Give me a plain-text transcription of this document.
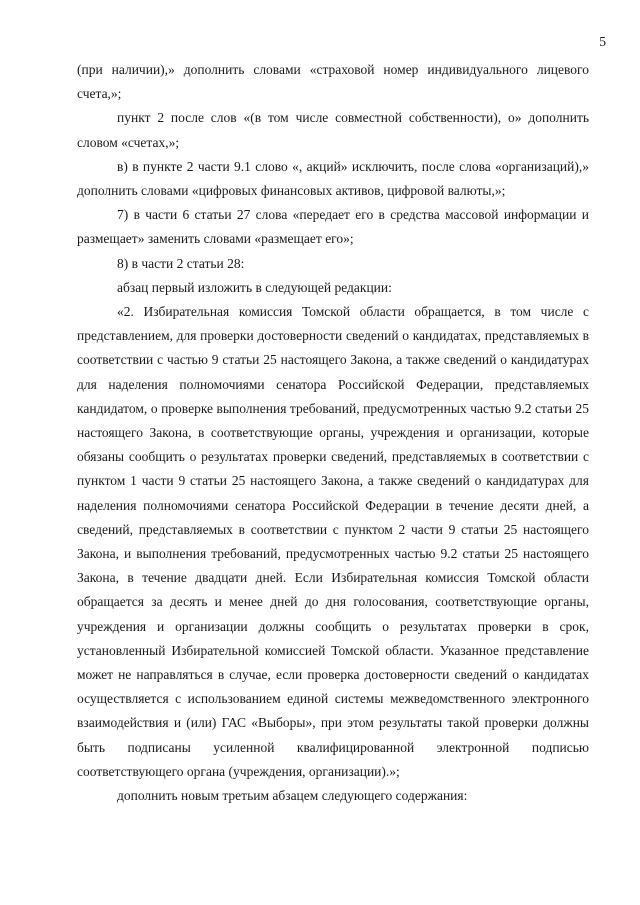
5

(при наличии),» дополнить словами «страховой номер индивидуального лицевого счета,»;

пункт 2 после слов «(в том числе совместной собственности), о» дополнить словом «счетах,»;

в) в пункте 2 части 9.1 слово «, акций» исключить, после слова «организаций),» дополнить словами «цифровых финансовых активов, цифровой валюты,»;

7) в части 6 статьи 27 слова «передает его в средства массовой информации и размещает» заменить словами «размещает его»;

8) в части 2 статьи 28:

абзац первый изложить в следующей редакции:

«2. Избирательная комиссия Томской области обращается, в том числе с представлением, для проверки достоверности сведений о кандидатах, представляемых в соответствии с частью 9 статьи 25 настоящего Закона, а также сведений о кандидатурах для наделения полномочиями сенатора Российской Федерации, представляемых кандидатом, о проверке выполнения требований, предусмотренных частью 9.2 статьи 25 настоящего Закона, в соответствующие органы, учреждения и организации, которые обязаны сообщить о результатах проверки сведений, представляемых в соответствии с пунктом 1 части 9 статьи 25 настоящего Закона, а также сведений о кандидатурах для наделения полномочиями сенатора Российской Федерации в течение десяти дней, а сведений, представляемых в соответствии с пунктом 2 части 9 статьи 25 настоящего Закона, и выполнения требований, предусмотренных частью 9.2 статьи 25 настоящего Закона, в течение двадцати дней. Если Избирательная комиссия Томской области обращается за десять и менее дней до дня голосования, соответствующие органы, учреждения и организации должны сообщить о результатах проверки в срок, установленный Избирательной комиссией Томской области. Указанное представление может не направляться в случае, если проверка достоверности сведений о кандидатах осуществляется с использованием единой системы межведомственного электронного взаимодействия и (или) ГАС «Выборы», при этом результаты такой проверки должны быть подписаны усиленной квалифицированной электронной подписью соответствующего органа (учреждения, организации).»;

дополнить новым третьим абзацем следующего содержания:
